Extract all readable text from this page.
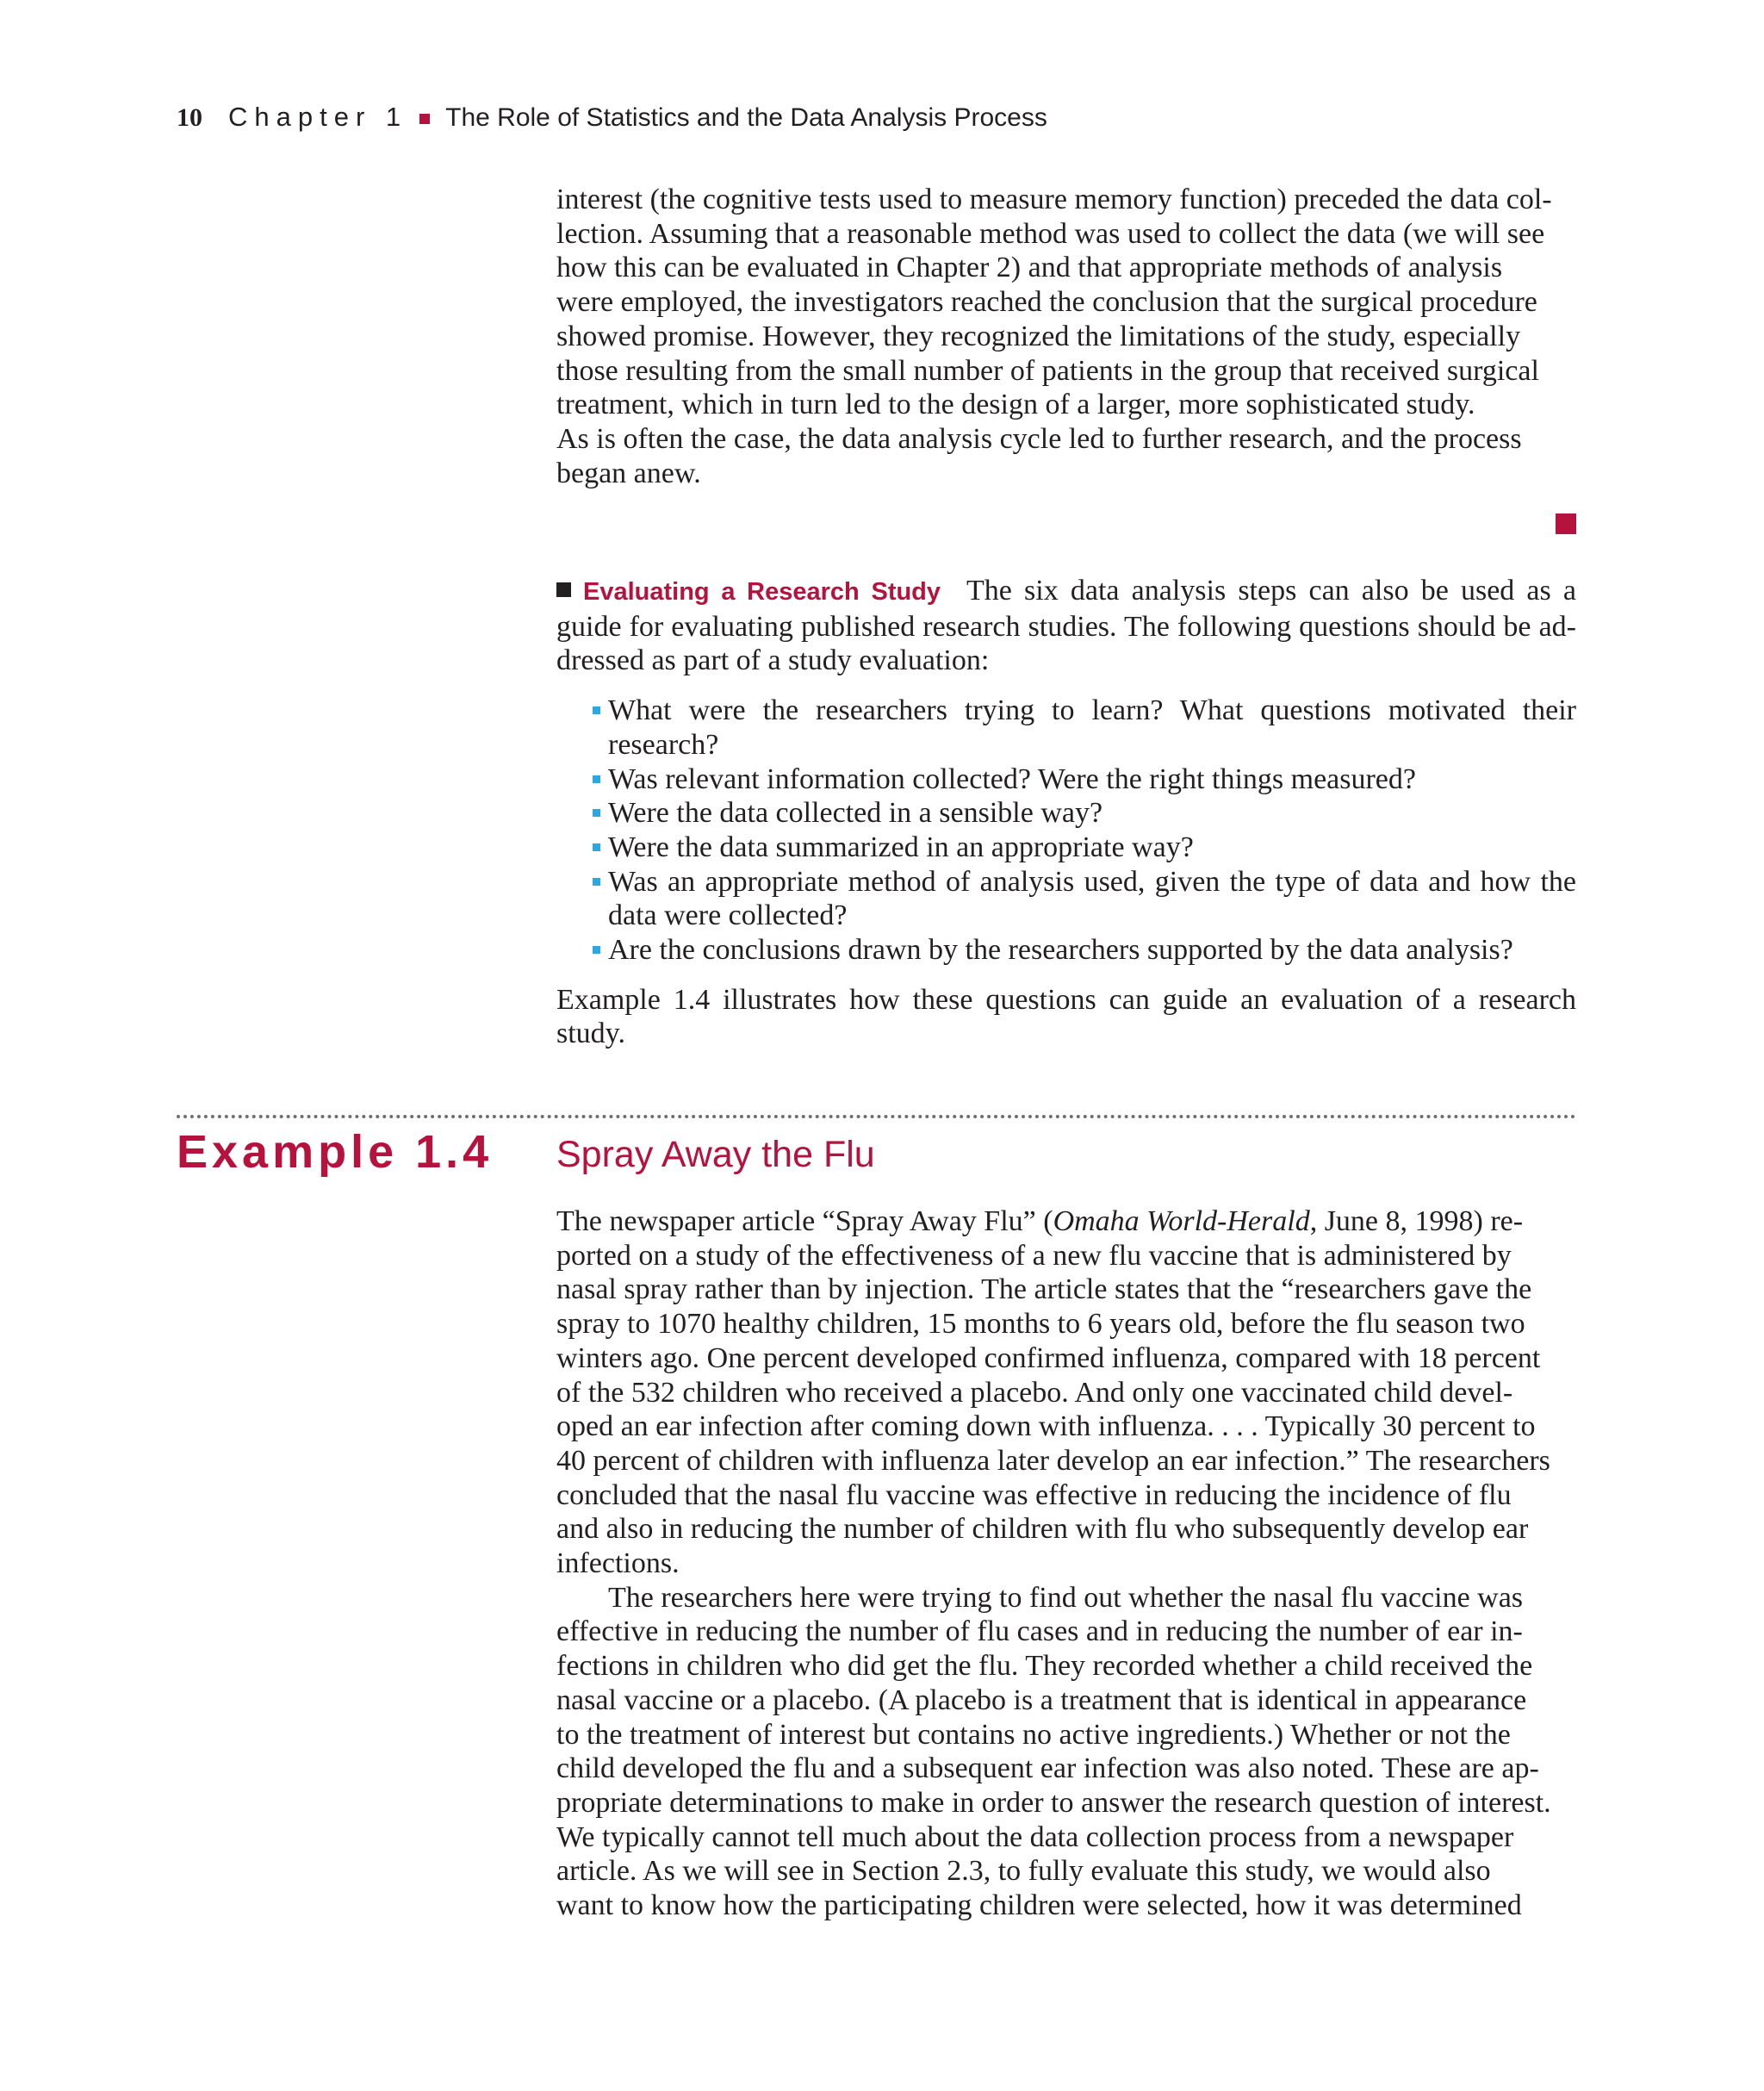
10 Chapter 1 The Role of Statistics and the Data Analysis Process

interest (the cognitive tests used to measure memory function) preceded the data col-

lection. Assuming that a reasonable method was used to collect the data (we will see

how this can be evaluated in Chapter 2) and that appropriate methods of analysis

were employed, the investigators reached the conclusion that the surgical procedure

showed promise. However, they recognized the limitations of the study, especially

those resulting from the small number of patients in the group that received surgical

treatment, which in turn led to the design of a larger, more sophisticated study.

As is often the case, the data analysis cycle led to further research, and the process

began anew.

Evaluating a Research Study The six data analysis steps can also be used as a guide for evaluating published research studies. The following questions should be ad-dressed as part of a study evaluation:

What were the researchers trying to learn? What questions motivated their research?
Was relevant information collected? Were the right things measured?
Were the data collected in a sensible way?
Were the data summarized in an appropriate way?
Was an appropriate method of analysis used, given the type of data and how the data were collected?
Are the conclusions drawn by the researchers supported by the data analysis?

Example 1.4 illustrates how these questions can guide an evaluation of a research study.

Example 1.4 Spray Away the Flu

The newspaper article “Spray Away Flu” (Omaha World-Herald, June 8, 1998) re-

ported on a study of the effectiveness of a new flu vaccine that is administered by

nasal spray rather than by injection. The article states that the “researchers gave the

spray to 1070 healthy children, 15 months to 6 years old, before the flu season two

winters ago. One percent developed confirmed influenza, compared with 18 percent

of the 532 children who received a placebo. And only one vaccinated child devel-

oped an ear infection after coming down with influenza. . . . Typically 30 percent to

40 percent of children with influenza later develop an ear infection.” The researchers

concluded that the nasal flu vaccine was effective in reducing the incidence of flu

and also in reducing the number of children with flu who subsequently develop ear

infections.

The researchers here were trying to find out whether the nasal flu vaccine was

effective in reducing the number of flu cases and in reducing the number of ear in-

fections in children who did get the flu. They recorded whether a child received the

nasal vaccine or a placebo. (A placebo is a treatment that is identical in appearance

to the treatment of interest but contains no active ingredients.) Whether or not the

child developed the flu and a subsequent ear infection was also noted. These are ap-

propriate determinations to make in order to answer the research question of interest.

We typically cannot tell much about the data collection process from a newspaper

article. As we will see in Section 2.3, to fully evaluate this study, we would also

want to know how the participating children were selected, how it was determined
